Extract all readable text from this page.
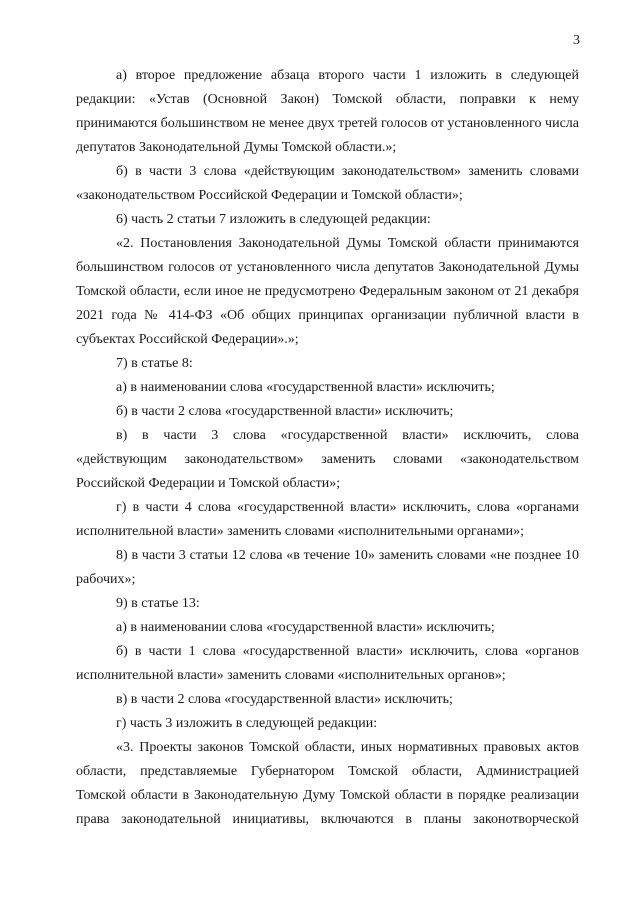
3

а) второе предложение абзаца второго части 1 изложить в следующей редакции: «Устав (Основной Закон) Томской области, поправки к нему принимаются большинством не менее двух третей голосов от установленного числа депутатов Законодательной Думы Томской области.»;

б) в части 3 слова «действующим законодательством» заменить словами «законодательством Российской Федерации и Томской области»;

6) часть 2 статьи 7 изложить в следующей редакции:

«2. Постановления Законодательной Думы Томской области принимаются большинством голосов от установленного числа депутатов Законодательной Думы Томской области, если иное не предусмотрено Федеральным законом от 21 декабря 2021 года № 414-ФЗ «Об общих принципах организации публичной власти в субъектах Российской Федерации».»;

7) в статье 8:

а) в наименовании слова «государственной власти» исключить;

б) в части 2 слова «государственной власти» исключить;

в) в части 3 слова «государственной власти» исключить, слова «действующим законодательством» заменить словами «законодательством Российской Федерации и Томской области»;

г) в части 4 слова «государственной власти» исключить, слова «органами исполнительной власти» заменить словами «исполнительными органами»;

8) в части 3 статьи 12 слова «в течение 10» заменить словами «не позднее 10 рабочих»;

9) в статье 13:

а) в наименовании слова «государственной власти» исключить;

б) в части 1 слова «государственной власти» исключить, слова «органов исполнительной власти» заменить словами «исполнительных органов»;

в) в части 2 слова «государственной власти» исключить;

г) часть 3 изложить в следующей редакции:

«3. Проекты законов Томской области, иных нормативных правовых актов области, представляемые Губернатором Томской области, Администрацией Томской области в Законодательную Думу Томской области в порядке реализации права законодательной инициативы, включаются в планы законотворческой
